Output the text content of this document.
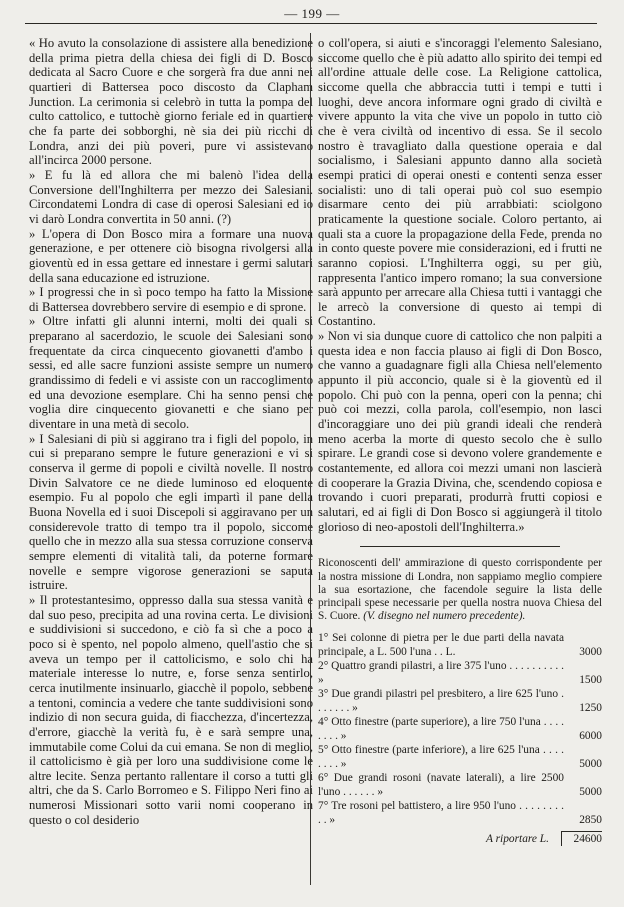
— 199 —

« Ho avuto la consolazione di assistere alla benedizione della prima pietra della chiesa dei figli di D. Bosco dedicata al Sacro Cuore e che sorgerà fra due anni nei quartieri di Battersea poco discosto da Clapham Junction. La cerimonia si celebrò in tutta la pompa del culto cattolico, e tuttochè giorno feriale ed in quartiere che fa parte dei sobborghi, nè sia dei più ricchi di Londra, anzi dei più poveri, pure vi assistevano all'incirca 2000 persone.

» E fu là ed allora che mi balenò l'idea della Conversione dell'Inghilterra per mezzo dei Salesiani. Circondatemi Londra di case di operosi Salesiani ed io vi darò Londra convertita in 50 anni. (?)

» L'opera di Don Bosco mira a formare una nuova generazione, e per ottenere ciò bisogna rivolgersi alla gioventù ed in essa gettare ed innestare i germi salutari della sana educazione ed istruzione.

» I progressi che in sì poco tempo ha fatto la Missione di Battersea dovrebbero servire di esempio e di sprone.

» Oltre infatti gli alunni interni, molti dei quali si preparano al sacerdozio, le scuole dei Salesiani sono frequentate da circa cinquecento giovanetti d'ambo i sessi, ed alle sacre funzioni assiste sempre un numero grandissimo di fedeli e vi assiste con un raccoglimento ed una devozione esemplare. Chi ha senno pensi che voglia dire cinquecento giovanetti e che siano per diventare in una metà di secolo.

» I Salesiani di più si aggirano tra i figli del popolo, in cui si preparano sempre le future generazioni e vi si conserva il germe di popoli e civiltà novelle. Il nostro Divin Salvatore ce ne diede luminoso ed eloquente esempio. Fu al popolo che egli impartì il pane della Buona Novella ed i suoi Discepoli si aggiravano per un considerevole tratto di tempo tra il popolo, siccome quello che in mezzo alla sua stessa corruzione conserva sempre elementi di vitalità tali, da poterne formare novelle e sempre vigorose generazioni se saputa istruire.

» Il protestantesimo, oppresso dalla sua stessa vanità e dal suo peso, precipita ad una rovina certa. Le divisioni e suddivisioni si succedono, e ciò fa sì che a poco a poco si è spento, nel popolo almeno, quell'astio che si aveva un tempo per il cattolicismo, e solo chi ha materiale interesse lo nutre, e, forse senza sentirlo, cerca inutilmente insinuarlo, giacchè il popolo, sebbene a tentoni, comincia a vedere che tante suddivisioni sono indizio di non secura guida, di fiacchezza, d'incertezza, d'errore, giacchè la verità fu, è e sarà sempre una, immutabile come Colui da cui emana. Se non di meglio, il cattolicismo è già per loro una suddivisione come le altre lecite. Senza pertanto rallentare il corso a tutti gli altri, che da S. Carlo Borromeo e S. Filippo Neri fino ai numerosi Missionari sotto varii nomi cooperano in questo o col desiderio

o coll'opera, si aiuti e s'incoraggi l'elemento Salesiano, siccome quello che è più adatto allo spirito dei tempi ed all'ordine attuale delle cose. La Religione cattolica, siccome quella che abbraccia tutti i tempi e tutti i luoghi, deve ancora informare ogni grado di civiltà e vivere appunto la vita che vive un popolo in tutto ciò che è vera civiltà od incentivo di essa. Se il secolo nostro è travagliato dalla questione operaia e dal socialismo, i Salesiani appunto danno alla società esempi pratici di operai onesti e contenti senza esser socialisti: uno di tali operai può col suo esempio disarmare cento dei più arrabbiati: sciolgono praticamente la questione sociale. Coloro pertanto, ai quali sta a cuore la propagazione della Fede, prenda no in conto queste povere mie considerazioni, ed i frutti ne saranno copiosi. L'Inghilterra oggi, su per giù, rappresenta l'antico impero romano; la sua conversione sarà appunto per arrecare alla Chiesa tutti i vantaggi che le arrecò la conversione di questo ai tempi di Costantino.

» Non vi sia dunque cuore di cattolico che non palpiti a questa idea e non faccia plauso ai figli di Don Bosco, che vanno a guadagnare figli alla Chiesa nell'elemento appunto il più acconcio, quale si è la gioventù ed il popolo. Chi può con la penna, operi con la penna; chi può coi mezzi, colla parola, coll'esempio, non lasci d'incoraggiare uno dei più grandi ideali che renderà meno acerba la morte di questo secolo che è sullo spirare. Le grandi cose si devono volere grandemente e costantemente, ed allora coi mezzi umani non lascierà di cooperare la Grazia Divina, che, scendendo copiosa e trovando i cuori preparati, produrrà frutti copiosi e salutari, ed ai figli di Don Bosco si aggiungerà il titolo glorioso di neo-apostoli dell'Inghilterra.»

Riconoscenti dell' ammirazione di questo corrispondente per la nostra missione di Londra, non sappiamo meglio compiere la sua esortazione, che facendole seguire la lista delle principali spese necessarie per quella nostra nuova Chiesa del S. Cuore. (V. disegno nel numero precedente).
1° Sei colonne di pietra per le due parti della navata principale, a L. 500 l'una . . L.	3000
2° Quattro grandi pilastri, a lire 375 l'uno . . . . . . . . . . »	1500
3° Due grandi pilastri pel presbitero, a lire 625 l'uno . . . . . . . »	1250
4° Otto finestre (parte superiore), a lire 750 l'una . . . . . . . . »	6000
5° Otto finestre (parte inferiore), a lire 625 l'una . . . . . . . . »	5000
6° Due grandi rosoni (navate laterali), a lire 2500 l'uno . . . . . . »	5000
7° Tre rosoni pel battistero, a lire 950 l'uno . . . . . . . . . . »	2850
A riportare L.	24600
